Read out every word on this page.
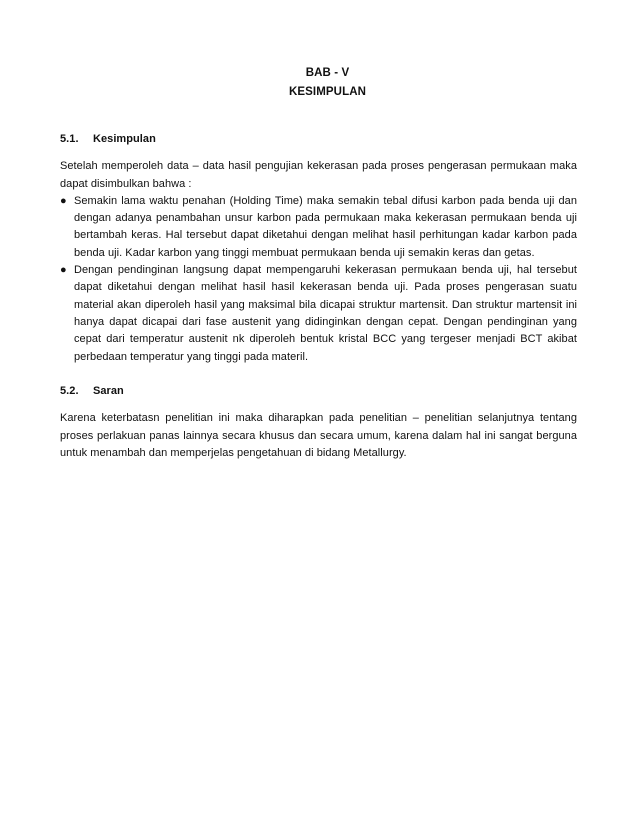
BAB - V
KESIMPULAN
5.1. Kesimpulan

Setelah memperoleh data – data hasil pengujian kekerasan pada proses pengerasan permukaan maka dapat disimbulkan bahwa :

● Semakin lama waktu penahan (Holding Time) maka semakin tebal difusi karbon pada benda uji dan dengan adanya penambahan unsur karbon pada permukaan maka kekerasan permukaan benda uji bertambah keras. Hal tersebut dapat diketahui dengan melihat hasil perhitungan kadar karbon pada benda uji. Kadar karbon yang tinggi membuat permukaan benda uji semakin keras dan getas.
● Dengan pendinginan langsung dapat mempengaruhi kekerasan permukaan benda uji, hal tersebut dapat diketahui dengan melihat hasil hasil kekerasan benda uji. Pada proses pengerasan suatu material akan diperoleh hasil yang maksimal bila dicapai struktur martensit. Dan struktur martensit ini hanya dapat dicapai dari fase austenit yang didinginkan dengan cepat. Dengan pendinginan yang cepat dari temperatur austenit nk diperoleh bentuk kristal BCC yang tergeser menjadi BCT akibat perbedaan temperatur yang tinggi pada materil.
5.2. Saran

Karena keterbatasn penelitian ini maka diharapkan pada penelitian – penelitian selanjutnya tentang proses perlakuan panas lainnya secara khusus dan secara umum, karena dalam hal ini sangat berguna untuk menambah dan memperjelas pengetahuan di bidang Metallurgy.
